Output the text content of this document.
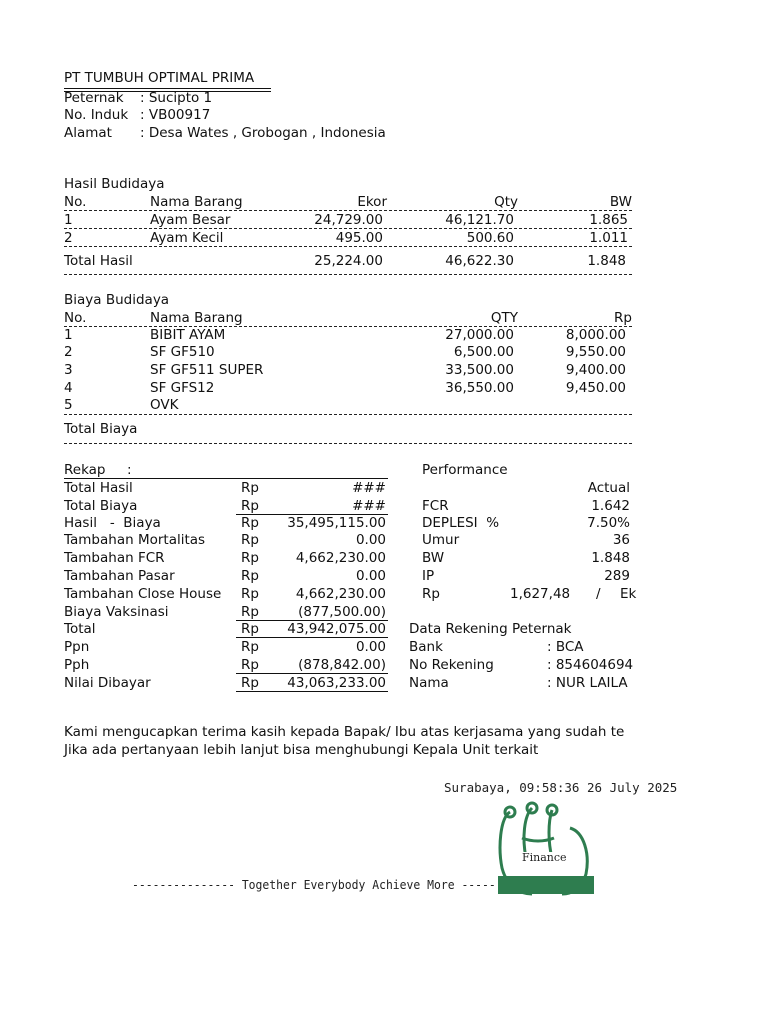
PT TUMBUH OPTIMAL PRIMA
Peternak : Sucipto 1
No. Induk : VB00917
Alamat : Desa Wates , Grobogan , Indonesia
Hasil Budidaya
No.	Nama Barang	Ekor	Qty	BW
1	Ayam Besar	24,729.00	46,121.70	1.865
2	Ayam Kecil	495.00	500.60	1.011
Total Hasil	25,224.00	46,622.30	1.848
Biaya Budidaya
No.	Nama Barang	QTY	Rp
1	BIBIT AYAM	27,000.00	8,000.00
2	SF GF510	6,500.00	9,550.00
3	SF GF511 SUPER	33,500.00	9,400.00
4	SF GFS12	36,550.00	9,450.00
5	OVK
Total Biaya
Rekap     :
Total Hasil	Rp	###
Total Biaya	Rp	###
Hasil   -  Biaya	Rp	35,495,115.00
Tambahan Mortalitas	Rp	0.00
Tambahan FCR	Rp	4,662,230.00
Tambahan Pasar	Rp	0.00
Tambahan Close House Rp	4,662,230.00
Biaya Vaksinasi	Rp	(877,500.00)
Total	Rp	43,942,075.00
Ppn	Rp	0.00
Pph	Rp	(878,842.00)
Nilai Dibayar	Rp	43,063,233.00
Performance
Actual
FCR	1.642
DEPLESI  %	7.50%
Umur	36
BW	1.848
IP	289
Rp	1,627,48 / Ek
Data Rekening Peternak
Bank	: BCA
No Rekening	: 854604694
Nama	: NUR LAILA
Kami mengucapkan terima kasih kepada Bapak/ Ibu atas kerjasama yang sudah te
Jika ada pertanyaan lebih lanjut bisa menghubungi Kepala Unit terkait
Surabaya, 09:58:36 26 July 2025
--------------- Together Everybody Achieve More -----
Finance
